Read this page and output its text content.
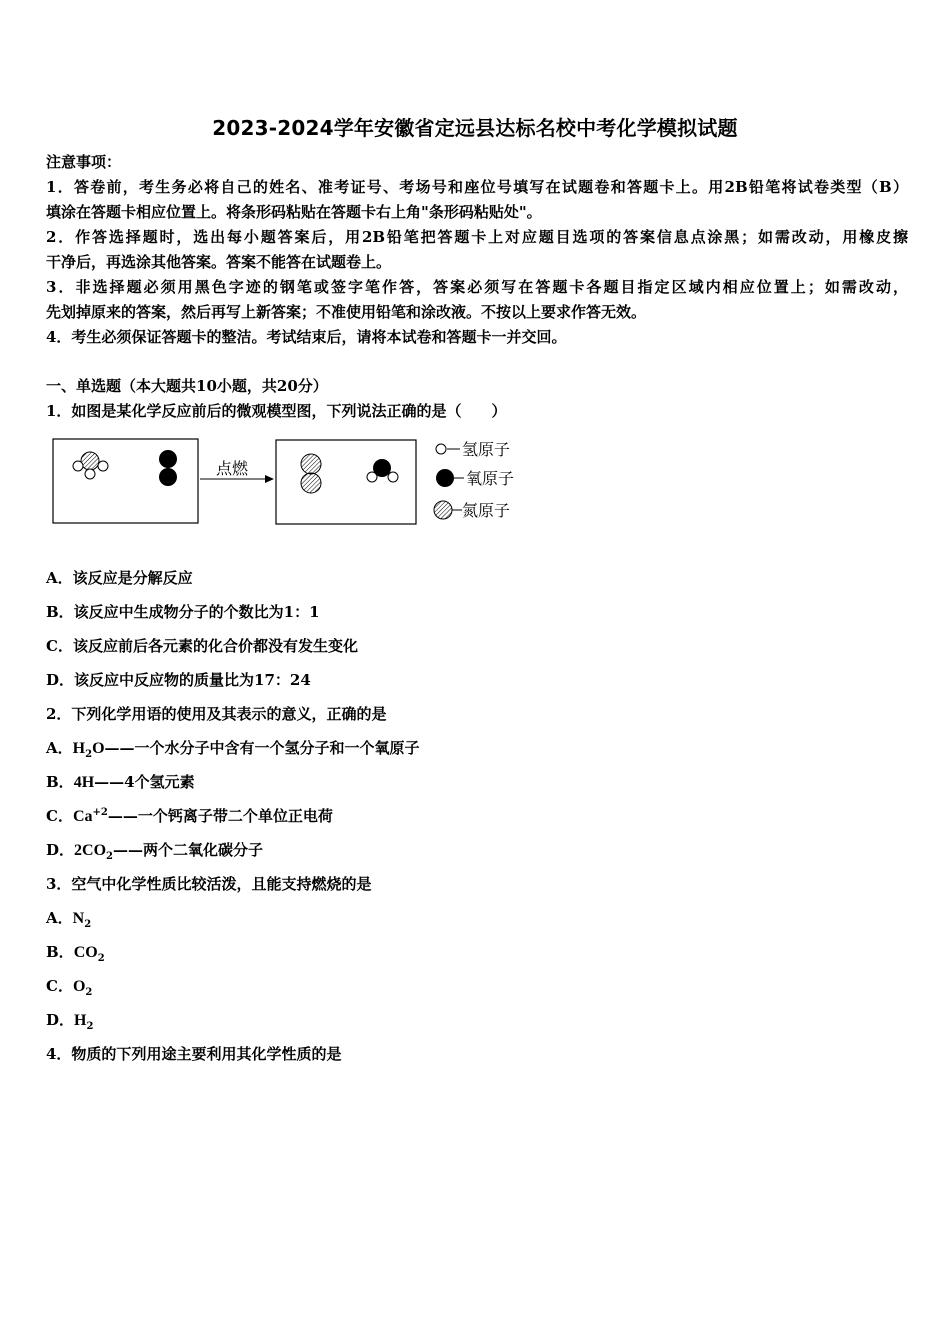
2023-2024学年安徽省定远县达标名校中考化学模拟试题
注意事项：
1．答卷前，考生务必将自己的姓名、准考证号、考场号和座位号填写在试题卷和答题卡上。用2B铅笔将试卷类型（B）
填涂在答题卡相应位置上。将条形码粘贴在答题卡右上角"条形码粘贴处"。
2．作答选择题时，选出每小题答案后，用2B铅笔把答题卡上对应题目选项的答案信息点涂黑；如需改动，用橡皮擦
干净后，再选涂其他答案。答案不能答在试题卷上。
3．非选择题必须用黑色字迹的钢笔或签字笔作答，答案必须写在答题卡各题目指定区域内相应位置上；如需改动，
先划掉原来的答案，然后再写上新答案；不准使用铅笔和涂改液。不按以上要求作答无效。
4．考生必须保证答题卡的整洁。考试结束后，请将本试卷和答题卡一并交回。
一、单选题（本大题共10小题，共20分）
1．如图是某化学反应前后的微观模型图，下列说法正确的是（　　）
点燃
氢原子
氧原子
氮原子
A．该反应是分解反应
B．该反应中生成物分子的个数比为1：1
C．该反应前后各元素的化合价都没有发生变化
D．该反应中反应物的质量比为17：24
2．下列化学用语的使用及其表示的意义，正确的是
A．$H_2O——$一个水分子中含有一个氢分子和一个氧原子
B．4H——4个氢元素
C．$Ca^{+2}——$一个钙离子带二个单位正电荷
D．$2CO_2——$两个二氧化碳分子
3．空气中化学性质比较活泼，且能支持燃烧的是
A．$N_2$
B．$CO_2$
C．$O_2$
D．$H_2$
4．物质的下列用途主要利用其化学性质的是
